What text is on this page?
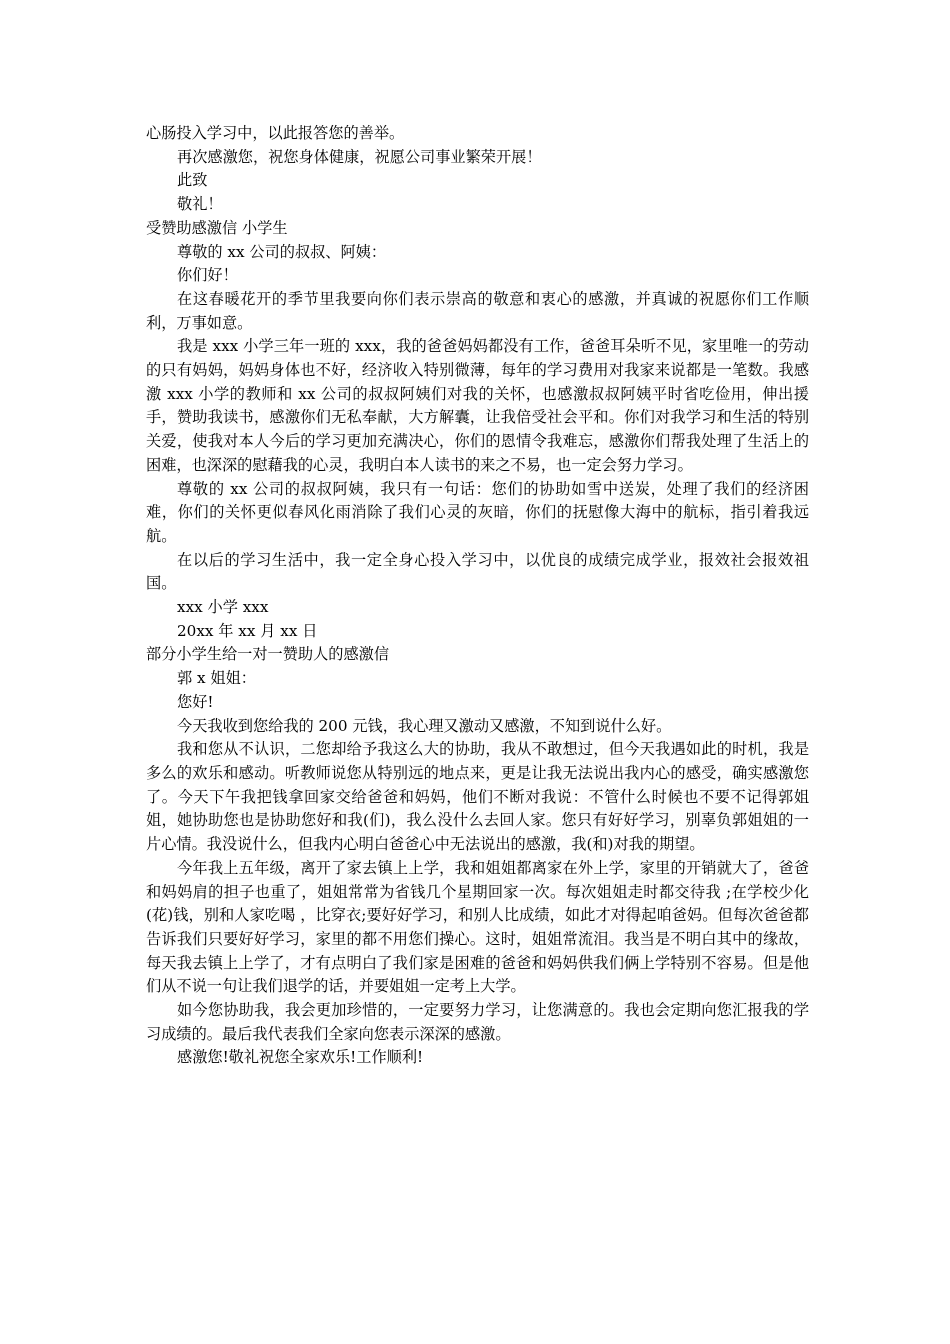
心肠投入学习中，以此报答您的善举。

再次感激您，祝您身体健康，祝愿公司事业繁荣开展！

此致

敬礼！

受赞助感激信 小学生

尊敬的 xx 公司的叔叔、阿姨：

你们好！

在这春暖花开的季节里我要向你们表示崇高的敬意和衷心的感激，并真诚的祝愿你们工作顺利，万事如意。

我是 xxx 小学三年一班的 xxx，我的爸爸妈妈都没有工作，爸爸耳朵听不见，家里唯一的劳动的只有妈妈，妈妈身体也不好，经济收入特别微薄，每年的学习费用对我家来说都是一笔数。我感激 xxx 小学的教师和 xx 公司的叔叔阿姨们对我的关怀，也感激叔叔阿姨平时省吃俭用，伸出援手，赞助我读书，感激你们无私奉献，大方解囊，让我倍受社会平和。你们对我学习和生活的特别关爱，使我对本人今后的学习更加充满决心，你们的恩情令我难忘，感激你们帮我处理了生活上的困难，也深深的慰藉我的心灵，我明白本人读书的来之不易，也一定会努力学习。

尊敬的 xx 公司的叔叔阿姨，我只有一句话：您们的协助如雪中送炭，处理了我们的经济困难，你们的关怀更似春风化雨消除了我们心灵的灰暗，你们的抚慰像大海中的航标，指引着我远航。

在以后的学习生活中，我一定全身心投入学习中，以优良的成绩完成学业，报效社会报效祖国。

xxx 小学 xxx

20xx 年 xx 月 xx 日

部分小学生给一对一赞助人的感激信

郭 x 姐姐：

您好!

今天我收到您给我的 200 元钱，我心理又激动又感激，不知到说什么好。

我和您从不认识，二您却给予我这么大的协助，我从不敢想过，但今天我遇如此的时机，我是多么的欢乐和感动。听教师说您从特别远的地点来，更是让我无法说出我内心的感受，确实感激您了。今天下午我把钱拿回家交给爸爸和妈妈，他们不断对我说：不管什么时候也不要不记得郭姐姐，她协助您也是协助您好和我(们)，我么没什么去回人家。您只有好好学习，别辜负郭姐姐的一片心情。我没说什么，但我内心明白爸爸心中无法说出的感激，我(和)对我的期望。

今年我上五年级，离开了家去镇上上学，我和姐姐都离家在外上学，家里的开销就大了，爸爸和妈妈肩的担子也重了，姐姐常常为省钱几个星期回家一次。每次姐姐走时都交待我 ;在学校少化(花)钱，别和人家吃喝 ，比穿衣;要好好学习，和别人比成绩，如此才对得起咱爸妈。但每次爸爸都告诉我们只要好好学习，家里的都不用您们操心。这时，姐姐常流泪。我当是不明白其中的缘故，每天我去镇上上学了，才有点明白了我们家是困难的爸爸和妈妈供我们俩上学特别不容易。但是他们从不说一句让我们退学的话，并要姐姐一定考上大学。

如今您协助我，我会更加珍惜的，一定要努力学习，让您满意的。我也会定期向您汇报我的学习成绩的。最后我代表我们全家向您表示深深的感激。

感激您!敬礼祝您全家欢乐!工作顺利!
